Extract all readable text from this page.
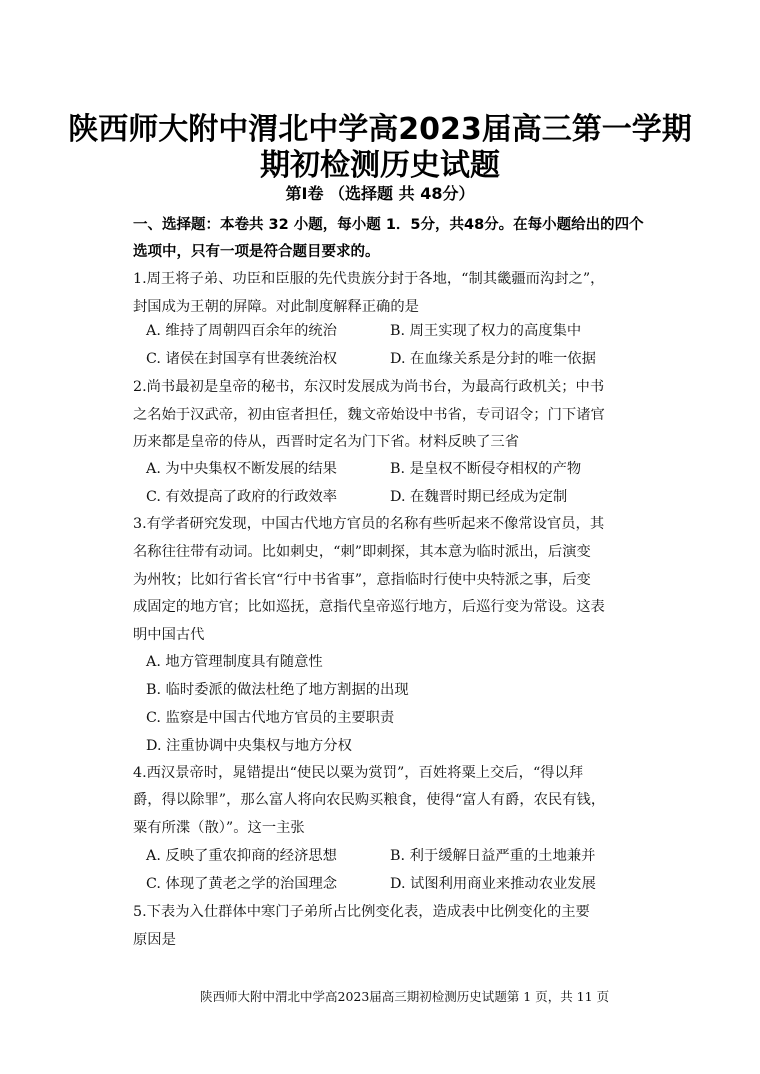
陕西师大附中渭北中学高2023届高三第一学期
期初检测历史试题
第Ⅰ卷 （选择题 共 48分）
一、选择题：本卷共 32 小题，每小题 1．5分，共48分。在每小题给出的四个
选项中，只有一项是符合题目要求的。
1.周王将子弟、功臣和臣服的先代贵族分封于各地，“制其畿疆而沟封之”，
封国成为王朝的屏障。对此制度解释正确的是
A. 维持了周朝四百余年的统治	B. 周王实现了权力的高度集中
C. 诸侯在封国享有世袭统治权	D. 在血缘关系是分封的唯一依据
2.尚书最初是皇帝的秘书，东汉时发展成为尚书台，为最高行政机关；中书
之名始于汉武帝，初由宦者担任，魏文帝始设中书省，专司诏令；门下诸官
历来都是皇帝的侍从，西晋时定名为门下省。材料反映了三省
A. 为中央集权不断发展的结果	B. 是皇权不断侵夺相权的产物
C. 有效提高了政府的行政效率	D. 在魏晋时期已经成为定制
3.有学者研究发现，中国古代地方官员的名称有些听起来不像常设官员，其
名称往往带有动词。比如刺史，“刺”即刺探，其本意为临时派出，后演变
为州牧；比如行省长官“行中书省事”，意指临时行使中央特派之事，后变
成固定的地方官；比如巡抚，意指代皇帝巡行地方，后巡行变为常设。这表
明中国古代
A. 地方管理制度具有随意性
B. 临时委派的做法杜绝了地方割据的出现
C. 监察是中国古代地方官员的主要职责
D. 注重协调中央集权与地方分权
4.西汉景帝时，晁错提出“使民以粟为赏罚”，百姓将粟上交后，“得以拜
爵，得以除罪”，那么富人将向农民购买粮食，使得“富人有爵，农民有钱，
粟有所渫（散）”。这一主张
A. 反映了重农抑商的经济思想	B. 利于缓解日益严重的土地兼并
C. 体现了黄老之学的治国理念	D. 试图利用商业来推动农业发展
5.下表为入仕群体中寒门子弟所占比例变化表，造成表中比例变化的主要
原因是
陕西师大附中渭北中学高2023届高三期初检测历史试题第 1 页，共 11 页
